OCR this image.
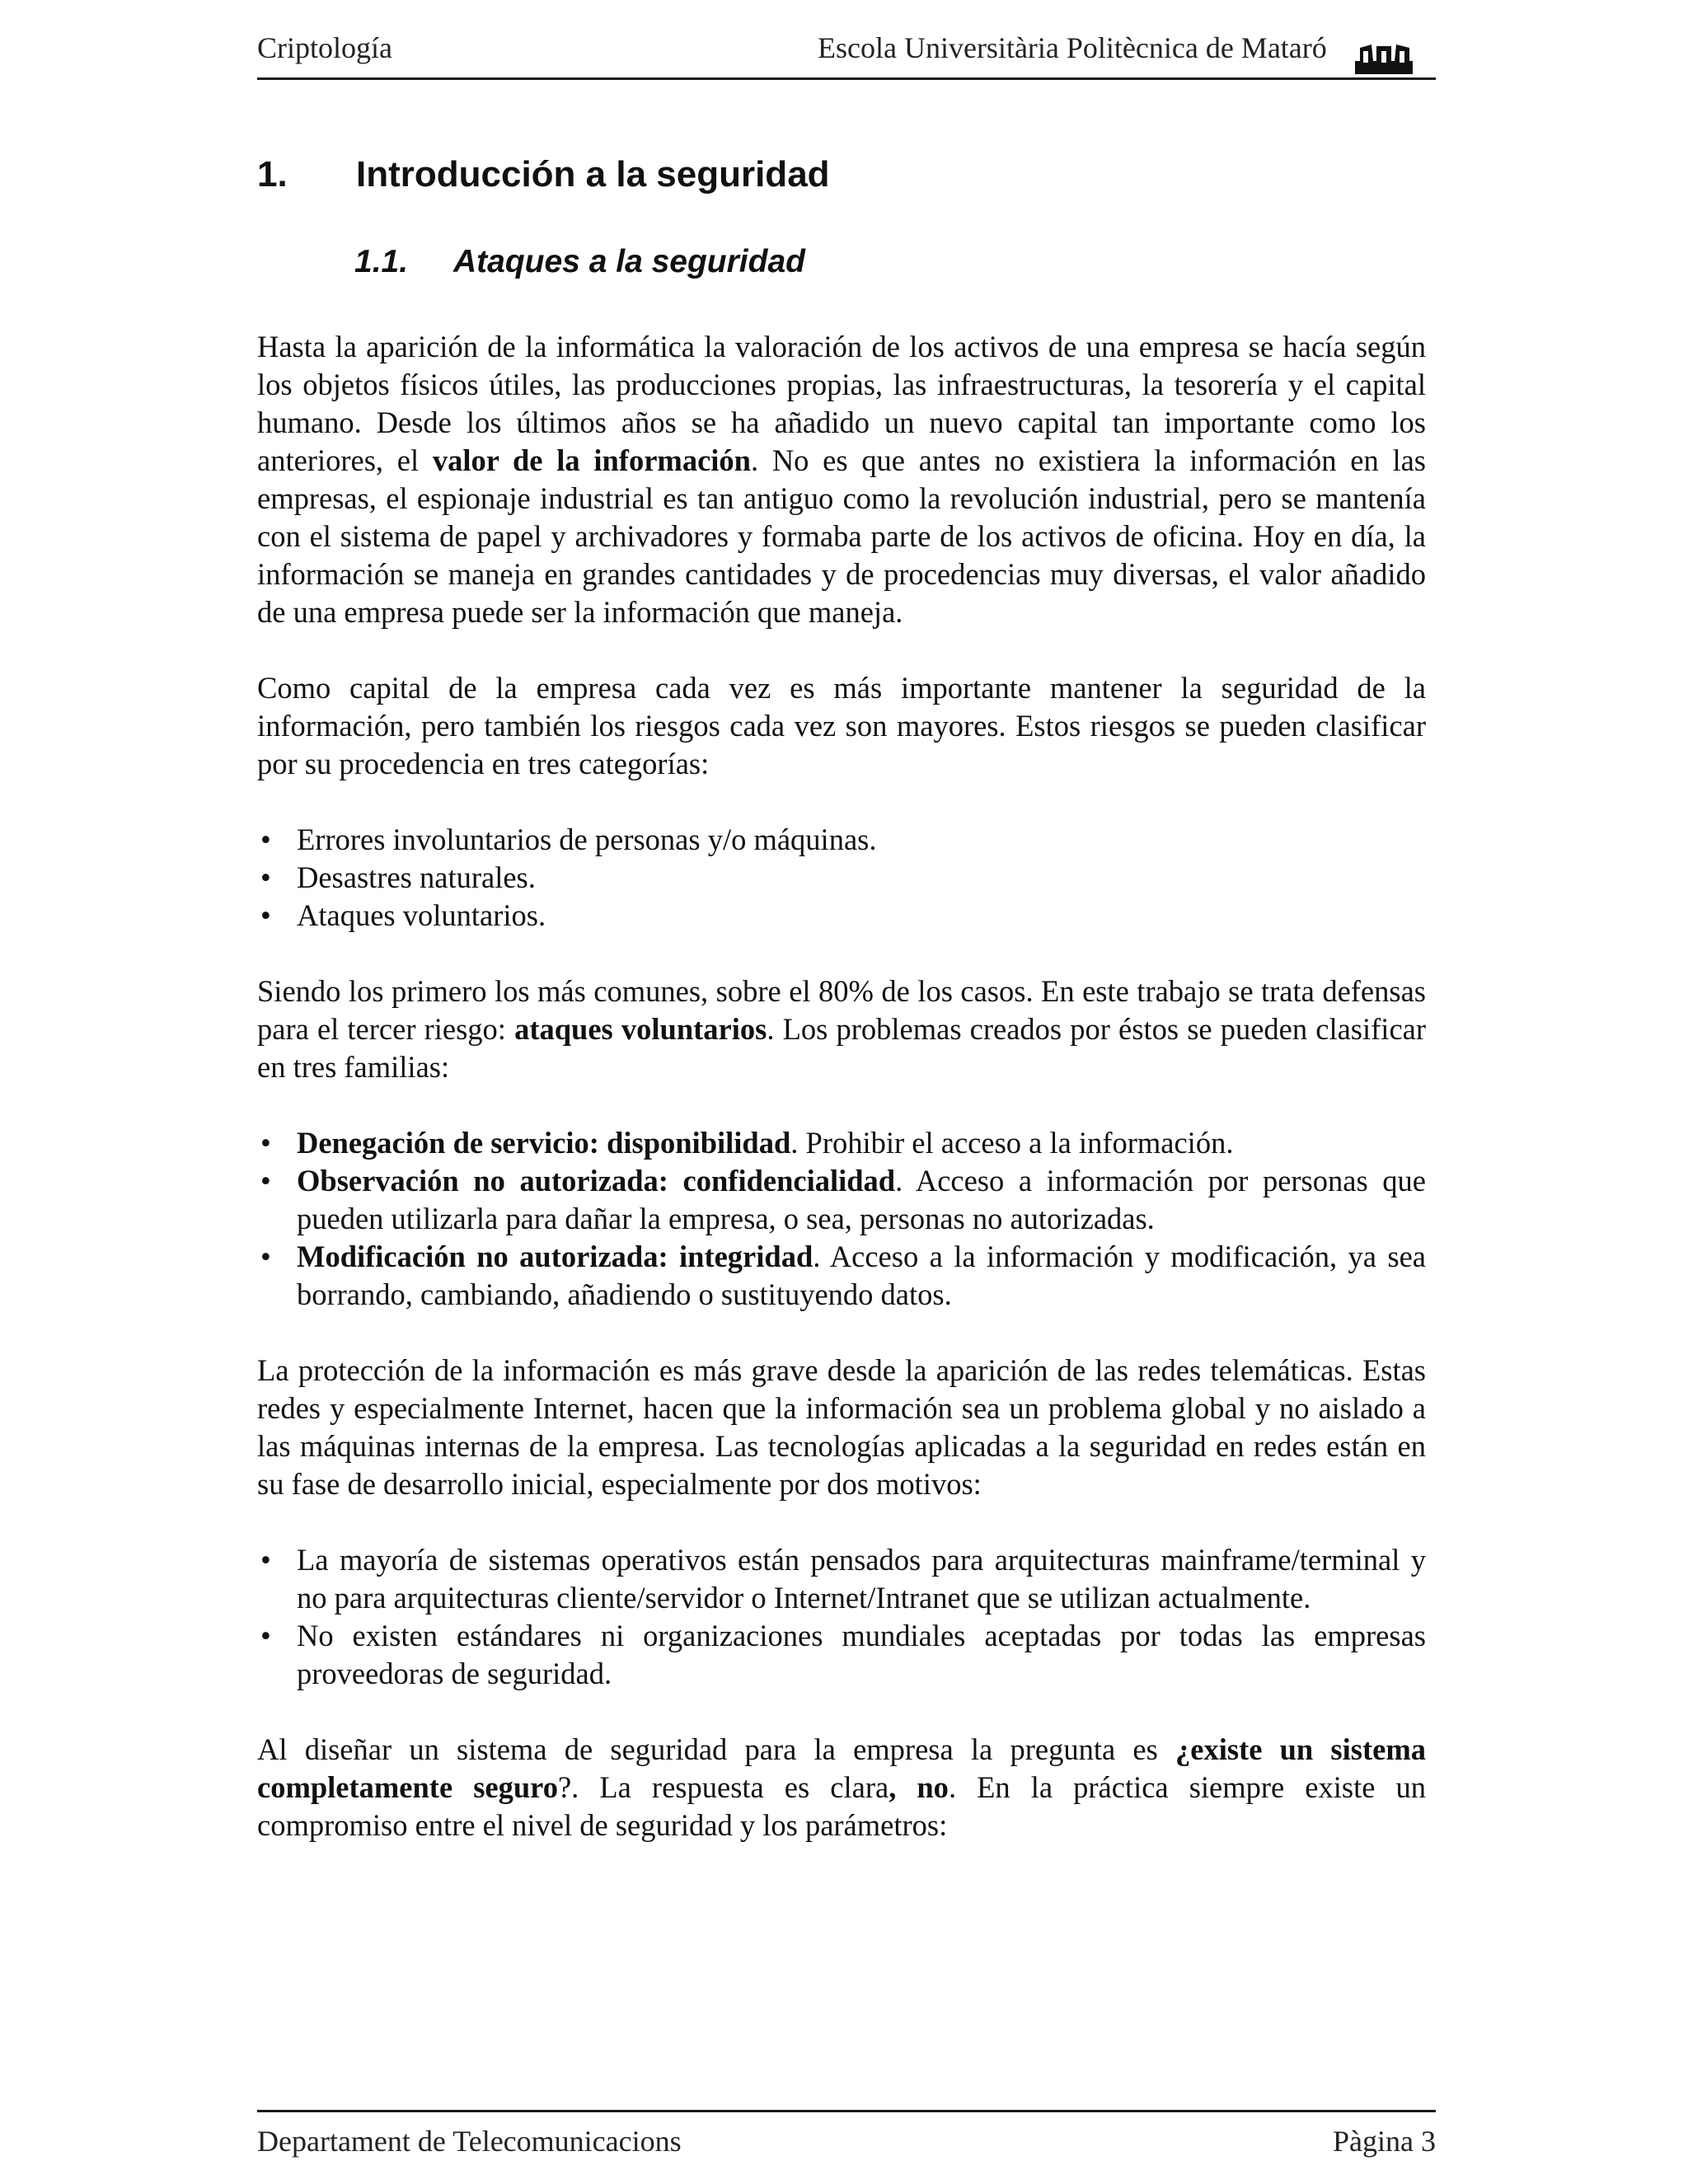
Criptología	Escola Universitària Politècnica de Mataró
1. Introducción a la seguridad
1.1. Ataques a la seguridad

Hasta la aparición de la informática la valoración de los activos de una empresa se hacía según los objetos físicos útiles, las producciones propias, las infraestructuras, la tesorería y el capital humano. Desde los últimos años se ha añadido un nuevo capital tan importante como los anteriores, el valor de la información. No es que antes no existiera la información en las empresas, el espionaje industrial es tan antiguo como la revolución industrial, pero se mantenía con el sistema de papel y archivadores y formaba parte de los activos de oficina. Hoy en día, la información se maneja en grandes cantidades y de procedencias muy diversas, el valor añadido de una empresa puede ser la información que maneja.

Como capital de la empresa cada vez es más importante mantener la seguridad de la información, pero también los riesgos cada vez son mayores. Estos riesgos se pueden clasificar por su procedencia en tres categorías:

• Errores involuntarios de personas y/o máquinas.
• Desastres naturales.
• Ataques voluntarios.

Siendo los primero los más comunes, sobre el 80% de los casos. En este trabajo se trata defensas para el tercer riesgo: ataques voluntarios. Los problemas creados por éstos se pueden clasificar en tres familias:

• Denegación de servicio: disponibilidad. Prohibir el acceso a la información.
• Observación no autorizada: confidencialidad. Acceso a información por personas que pueden utilizarla para dañar la empresa, o sea, personas no autorizadas.
• Modificación no autorizada: integridad. Acceso a la información y modificación, ya sea borrando, cambiando, añadiendo o sustituyendo datos.

La protección de la información es más grave desde la aparición de las redes telemáticas. Estas redes y especialmente Internet, hacen que la información sea un problema global y no aislado a las máquinas internas de la empresa. Las tecnologías aplicadas a la seguridad en redes están en su fase de desarrollo inicial, especialmente por dos motivos:

• La mayoría de sistemas operativos están pensados para arquitecturas mainframe/terminal y no para arquitecturas cliente/servidor o Internet/Intranet que se utilizan actualmente.
• No existen estándares ni organizaciones mundiales aceptadas por todas las empresas proveedoras de seguridad.

Al diseñar un sistema de seguridad para la empresa la pregunta es ¿existe un sistema completamente seguro?. La respuesta es clara, no. En la práctica siempre existe un compromiso entre el nivel de seguridad y los parámetros:

Departament de Telecomunicacions	Pàgina 3
